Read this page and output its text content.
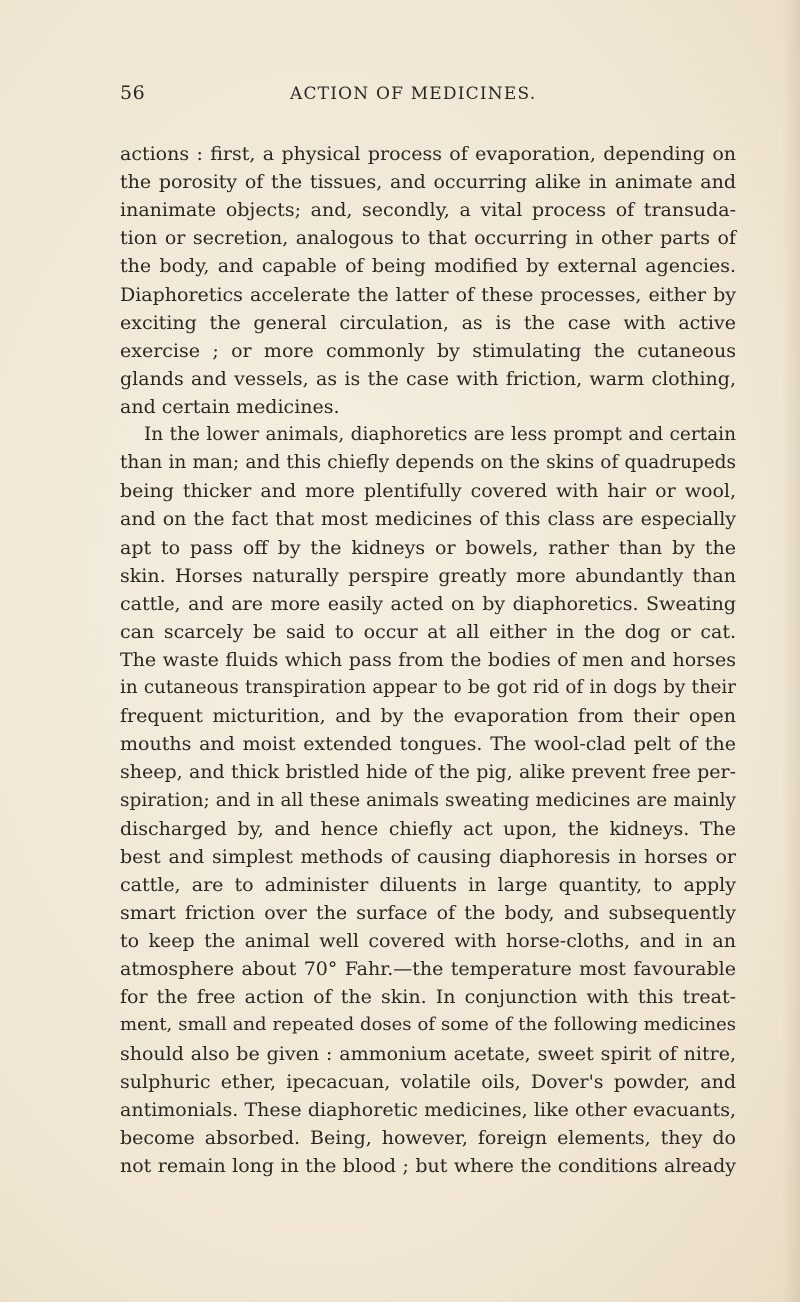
56	ACTION OF MEDICINES.
actions : first, a physical process of evaporation, depending on
the porosity of the tissues, and occurring alike in animate and
inanimate objects; and, secondly, a vital process of transuda-
tion or secretion, analogous to that occurring in other parts of
the body, and capable of being modified by external agencies.
Diaphoretics accelerate the latter of these processes, either by
exciting the general circulation, as is the case with active
exercise ; or more commonly by stimulating the cutaneous
glands and vessels, as is the case with friction, warm clothing,
and certain medicines.
In the lower animals, diaphoretics are less prompt and certain
than in man; and this chiefly depends on the skins of quadrupeds
being thicker and more plentifully covered with hair or wool,
and on the fact that most medicines of this class are especially
apt to pass off by the kidneys or bowels, rather than by the
skin. Horses naturally perspire greatly more abundantly than
cattle, and are more easily acted on by diaphoretics. Sweating
can scarcely be said to occur at all either in the dog or cat.
The waste fluids which pass from the bodies of men and horses
in cutaneous transpiration appear to be got rid of in dogs by their
frequent micturition, and by the evaporation from their open
mouths and moist extended tongues. The wool-clad pelt of the
sheep, and thick bristled hide of the pig, alike prevent free per-
spiration; and in all these animals sweating medicines are mainly
discharged by, and hence chiefly act upon, the kidneys. The
best and simplest methods of causing diaphoresis in horses or
cattle, are to administer diluents in large quantity, to apply
smart friction over the surface of the body, and subsequently
to keep the animal well covered with horse-cloths, and in an
atmosphere about 70° Fahr.—the temperature most favourable
for the free action of the skin. In conjunction with this treat-
ment, small and repeated doses of some of the following medicines
should also be given : ammonium acetate, sweet spirit of nitre,
sulphuric ether, ipecacuan, volatile oils, Dover's powder, and
antimonials. These diaphoretic medicines, like other evacuants,
become absorbed. Being, however, foreign elements, they do
not remain long in the blood ; but where the conditions already
